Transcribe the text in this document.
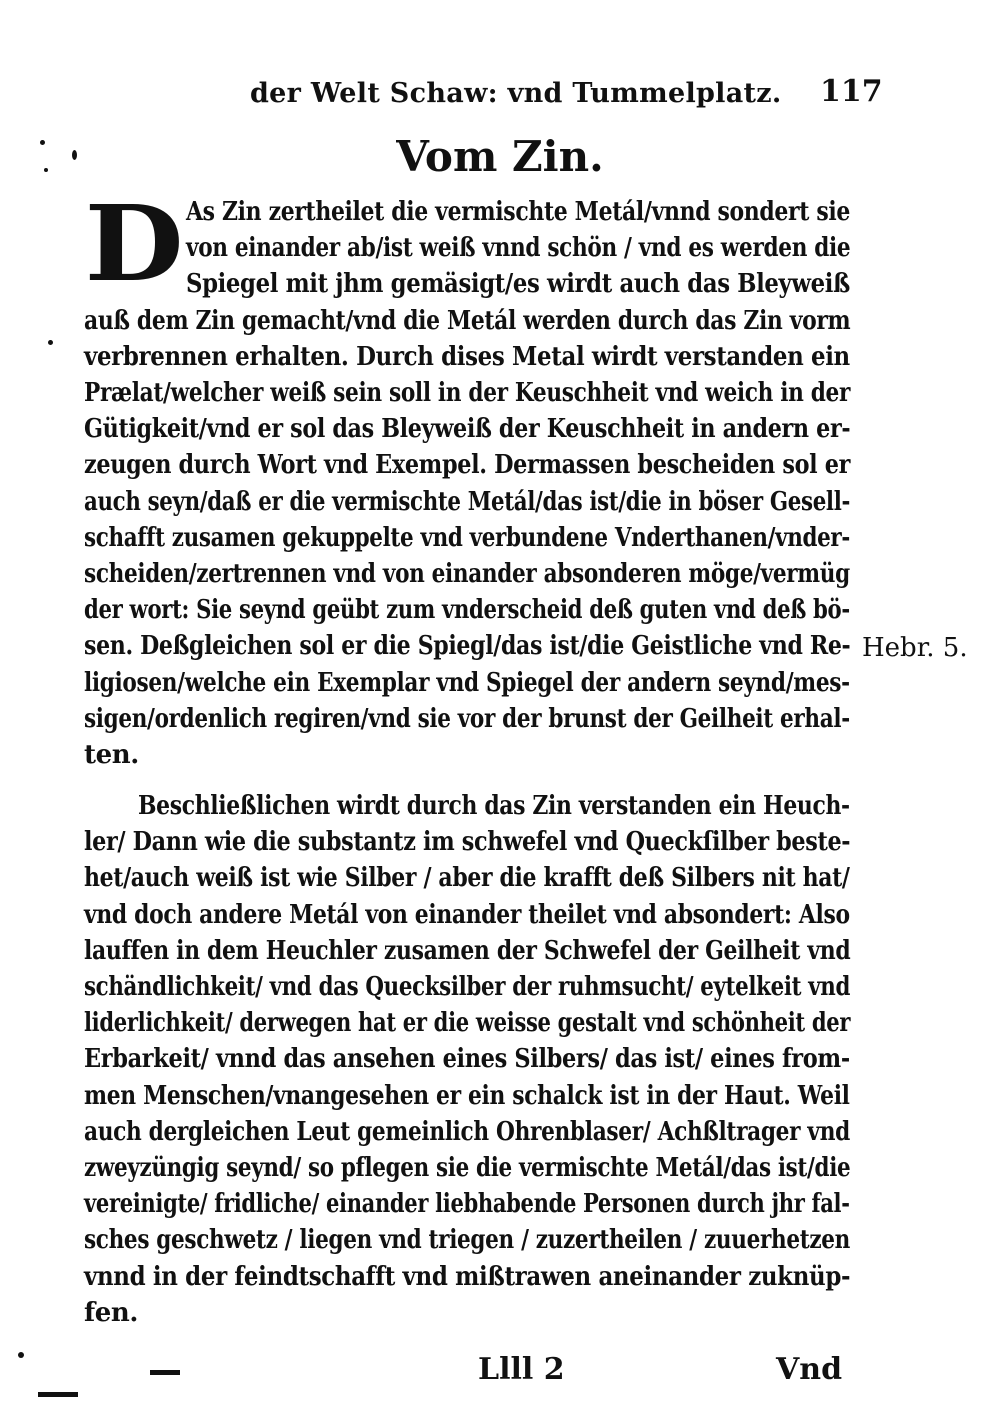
der Welt Schaw: vnd Tummelplatz. 117
Vom Zin.
D As Zin zertheilet die vermischte Metál/vnnd sondert sie
von einander ab/ist weiß vnnd schön / vnd es werden die
Spiegel mit jhm gemäsigt/es wirdt auch das Bleyweiß
auß dem Zin gemacht/vnd die Metál werden durch das Zin vorm
verbrennen erhalten. Durch dises Metal wirdt verstanden ein
Prælat/welcher weiß sein soll in der Keuschheit vnd weich in der
Gütigkeit/vnd er sol das Bleyweiß der Keuschheit in andern er-
zeugen durch Wort vnd Exempel. Dermassen bescheiden sol er
auch seyn/daß er die vermischte Metál/das ist/die in böser Gesell-
schafft zusamen gekuppelte vnd verbundene Vnderthanen/vnder-
scheiden/zertrennen vnd von einander absonderen möge/vermüg
der wort: Sie seynd geübt zum vnderscheid deß guten vnd deß bö-
sen. Deßgleichen sol er die Spiegl/das ist/die Geistliche vnd Re-
ligiosen/welche ein Exemplar vnd Spiegel der andern seynd/mes-
sigen/ordenlich regiren/vnd sie vor der brunst der Geilheit erhal-
ten.
Beschließlichen wirdt durch das Zin verstanden ein Heuch-
ler/ Dann wie die substantz im schwefel vnd Queckſilber beste-
het/auch weiß ist wie Silber / aber die krafft deß Silbers nit hat/
vnd doch andere Metál von einander theilet vnd absondert: Also
lauffen in dem Heuchler zusamen der Schwefel der Geilheit vnd
schändlichkeit/ vnd das Quecksilber der ruhmsucht/ eytelkeit vnd
liderlichkeit/ derwegen hat er die weisse gestalt vnd schönheit der
Erbarkeit/ vnnd das ansehen eines Silbers/ das ist/ eines from-
men Menschen/vnangesehen er ein schalck ist in der Haut. Weil
auch dergleichen Leut gemeinlich Ohrenblaser/ Achßltrager vnd
zweyzüngig seynd/ so pflegen sie die vermischte Metál/das ist/die
vereinigte/ fridliche/ einander liebhabende Personen durch jhr fal-
sches geschwetz / liegen vnd triegen / zuzertheilen / zuuerhetzen
vnnd in der feindtschafft vnd mißtrawen aneinander zuknüp-
fen.
Hebr. 5.
Llll 2	Vnd
